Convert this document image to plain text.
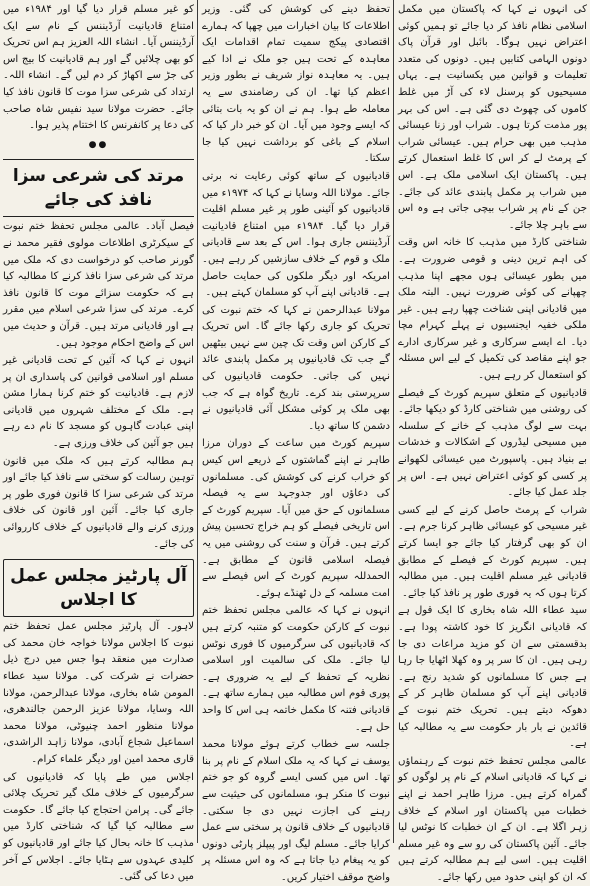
کی انہوں نے کہا کہ پاکستان میں مکمل اسلامی نظام نافذ کر دیا جائے تو ہمیں کوئی اعتراض نہیں ہوگا۔ بائبل اور قرآن پاک دونوں الہامی کتابیں ہیں۔ دونوں کی متعدد تعلیمات و قوانین میں یکسانیت ہے۔ یہاں مسیحیوں کو پرسنل لاء کی آڑ میں غلط کاموں کی چھوٹ دی گئی ہے۔ اس کی بہر پور مذمت کرتا ہوں۔ شراب اور زنا عیسائی مذہب میں بھی حرام ہیں۔ عیسائی شراب کے پرمٹ لے کر اس کا غلط استعمال کرتے ہیں۔ پاکستان ایک اسلامی ملک ہے۔ اس میں شراب پر مکمل پابندی عائد کی جائے۔ جن کے نام پر شراب بیچی جاتی ہے وہ اس سے باہر چلا جائے۔

شناختی کارڈ میں مذہب کا خانہ اس وقت کی اہم ترین دینی و قومی ضرورت ہے۔ میں بطور عیسائی ہوں مجھے اپنا مذہب چھپانے کی کوئی ضرورت نہیں۔ البتہ ملک میں قادیانی اپنی شناخت چھپا رہے ہیں۔ غیر ملکی خفیہ ایجنسیوں نے پہلے کہرام مچا دیا۔ اے ایسے سرکاری و غیر سرکاری ادارے جو اپنے مقاصد کی تکمیل کے لیے اس مسئلہ کو استعمال کر رہے ہیں۔

قادیانیوں کے متعلق سپریم کورٹ کے فیصلے کی روشنی میں شناختی کارڈ کو دیکھا جائے۔ بہت سے لوگ مذہب کے خانے کے سلسلہ میں مسیحی لیڈروں کے اشکالات و خدشات بے بنیاد ہیں۔ پاسپورٹ میں عیسائی لکھوانے پر کسی کو کوئی اعتراض نہیں ہے۔ اس پر جلد عمل کیا جائے۔

شراب کے پرمٹ حاصل کرنے کے لیے کسی غیر مسیحی کو عیسائی ظاہر کرنا جرم ہے۔ ان کو بھی گرفتار کیا جائے جو ایسا کرتے ہیں۔ سپریم کورٹ کے فیصلے کے مطابق قادیانی غیر مسلم اقلیت ہیں۔ میں مطالبہ کرتا ہوں کہ یہ فوری طور پر نافذ کیا جائے۔

سید عطاء اللہ شاہ بخاری کا ایک قول ہے کہ قادیانی انگریز کا خود کاشتہ پودا ہے۔ بدقسمتی سے ان کو مزید مراعات دی جا رہی ہیں۔ ان کا سر پر وہ کھلا اٹھایا جا رہا ہے جس کا مسلمانوں کو شدید رنج ہے۔ قادیانی اپنے آپ کو مسلمان ظاہر کر کے دھوکہ دیتے ہیں۔ تحریک ختم نبوت کے قائدین نے بار بار حکومت سے یہ مطالبہ کیا ہے۔

عالمی مجلس تحفظ ختم نبوت کے رہنماؤں نے کہا کہ قادیانی اسلام کے نام پر لوگوں کو گمراہ کرتے ہیں۔ مرزا طاہر احمد نے اپنے خطبات میں پاکستان اور اسلام کے خلاف زہر اگلا ہے۔ ان کے ان خطبات کا نوٹس لیا جائے۔ آئین پاکستان کی رو سے وہ غیر مسلم اقلیت ہیں۔ اسی لیے ہم مطالبہ کرتے ہیں کہ ان کو اپنی حدود میں رکھا جائے۔

تحفظ دینے کی کوشش کی گئی۔ وزیر اطلاعات کا بیان اخبارات میں چھپا کہ ہمارے اقتصادی پیکج سمیت تمام اقدامات ایک معاہدہ کے تحت ہیں جو ملک نے ادا کیے ہیں۔ یہ معاہدہ نواز شریف نے بطور وزیر اعظم کیا تھا۔ ان کی رضامندی سے یہ معاملہ طے ہوا۔ ہم نے ان کو یہ بات بتائی کہ ایسے وجود میں آیا۔ ان کو خبر دار کیا کہ اسلام کے باغی کو برداشت نہیں کیا جا سکتا۔

قادیانیوں کے ساتھ کوئی رعایت نہ برتی جائے۔ مولانا اللہ وسایا نے کہا کہ ۱۹۷۴ء میں قادیانیوں کو آئینی طور پر غیر مسلم اقلیت قرار دیا گیا۔ ۱۹۸۴ء میں امتناع قادیانیت آرڈیننس جاری ہوا۔ اس کے بعد سے قادیانی ملک و قوم کے خلاف سازشیں کر رہے ہیں۔ امریکہ اور دیگر ملکوں کی حمایت حاصل ہے۔ قادیانی اپنے آپ کو مسلمان کہتے ہیں۔

مولانا عبدالرحمن نے کہا کہ ختم نبوت کی تحریک کو جاری رکھا جائے گا۔ اس تحریک کے کارکن اس وقت تک چین سے نہیں بیٹھیں گے جب تک قادیانیوں پر مکمل پابندی عائد نہیں کی جاتی۔ حکومت قادیانیوں کی سرپرستی بند کرے۔ تاریخ گواہ ہے کہ جب بھی ملک پر کوئی مشکل آئی قادیانیوں نے دشمن کا ساتھ دیا۔

سپریم کورٹ میں ساعت کے دوران مرزا طاہر نے اپنے گماشتوں کے ذریعے اس کیس کو خراب کرنے کی کوشش کی۔ مسلمانوں کی دعاؤں اور جدوجہد سے یہ فیصلہ مسلمانوں کے حق میں آیا۔ سپریم کورٹ کے اس تاریخی فیصلے کو ہم خراج تحسین پیش کرتے ہیں۔ قرآن و سنت کی روشنی میں یہ فیصلہ اسلامی قانون کے مطابق ہے۔ الحمدللہ سپریم کورٹ کے اس فیصلے سے امت مسلمہ کے دل ٹھنڈے ہوئے۔

انہوں نے کہا کہ عالمی مجلس تحفظ ختم نبوت کے کارکن حکومت کو متنبہ کرتے ہیں کہ قادیانیوں کی سرگرمیوں کا فوری نوٹس لیا جائے۔ ملک کی سالمیت اور اسلامی نظریہ کے تحفظ کے لیے یہ ضروری ہے۔ پوری قوم اس مطالبہ میں ہمارے ساتھ ہے۔ قادیانی فتنہ کا مکمل خاتمہ ہی اس کا واحد حل ہے۔

جلسہ سے خطاب کرتے ہوئے مولانا محمد یوسف نے کہا کہ یہ ملک اسلام کے نام پر بنا تھا۔ اس میں کسی ایسے گروہ کو جو ختم نبوت کا منکر ہو، مسلمانوں کی حیثیت سے رہنے کی اجازت نہیں دی جا سکتی۔ قادیانیوں کے خلاف قانون پر سختی سے عمل کرایا جائے۔ مسلم لیگ اور پیپلز پارٹی دونوں کو یہ پیغام دیا جاتا ہے کہ وہ اس مسئلہ پر واضح موقف اختیار کریں۔

کو غیر مسلم قرار دیا گیا اور ۱۹۸۴ء میں امتناع قادیانیت آرڈیننس کے نام سے ایک آرڈیننس آیا۔ انشاء اللہ العزیز ہم اس تحریک کو بھی چلائیں گے اور ہم قادیانیت کا بیج اس کی جڑ سے اکھاڑ کر دم لیں گے۔ انشاء اللہ۔ ارتداد کی شرعی سزا موت کا قانون نافذ کیا جائے۔ حضرت مولانا سید نفیس شاہ صاحب کی دعا پر کانفرنس کا اختتام پذیر ہوا۔

●●
مرتد کی شرعی سزا نافذ کی جائے

فیصل آباد۔ عالمی مجلس تحفظ ختم نبوت کے سیکرٹری اطلاعات مولوی فقیر محمد نے گورنر صاحب کو درخواست دی کہ ملک میں مرتد کی شرعی سزا نافذ کرنے کا مطالبہ کیا ہے کہ حکومت سزائے موت کا قانون نافذ کرے۔ مرتد کی سزا شرعی اسلام میں مقرر ہے اور قادیانی مرتد ہیں۔ قرآن و حدیث میں اس کے واضح احکام موجود ہیں۔

انہوں نے کہا کہ آئین کے تحت قادیانی غیر مسلم اور اسلامی قوانین کی پاسداری ان پر لازم ہے۔ قادیانیت کو ختم کرنا ہمارا مشن ہے۔ ملک کے مختلف شہروں میں قادیانی اپنی عبادت گاہوں کو مسجد کا نام دے رہے ہیں جو آئین کی خلاف ورزی ہے۔

ہم مطالبہ کرتے ہیں کہ ملک میں قانون توہین رسالت کو سختی سے نافذ کیا جائے اور مرتد کی شرعی سزا کا قانون فوری طور پر جاری کیا جائے۔ آئین اور قانون کی خلاف ورزی کرنے والے قادیانیوں کے خلاف کارروائی کی جائے۔

آل پارٹیز مجلس عمل کا اجلاس

لاہور۔ آل پارٹیز مجلس عمل تحفظ ختم نبوت کا اجلاس مولانا خواجہ خان محمد کی صدارت میں منعقد ہوا جس میں درج ذیل حضرات نے شرکت کی۔ مولانا سید عطاء المومن شاہ بخاری، مولانا عبدالرحمن، مولانا اللہ وسایا، مولانا عزیز الرحمن جالندھری، مولانا منظور احمد چنیوٹی، مولانا محمد اسماعیل شجاع آبادی، مولانا زاہد الراشدی، قاری محمد امین اور دیگر علماء کرام۔

اجلاس میں طے پایا کہ قادیانیوں کی سرگرمیوں کے خلاف ملک گیر تحریک چلائی جائے گی۔ پرامن احتجاج کیا جائے گا۔ حکومت سے مطالبہ کیا گیا کہ شناختی کارڈ میں مذہب کا خانہ بحال کیا جائے اور قادیانیوں کو کلیدی عہدوں سے ہٹایا جائے۔ اجلاس کے آخر میں دعا کی گئی۔
